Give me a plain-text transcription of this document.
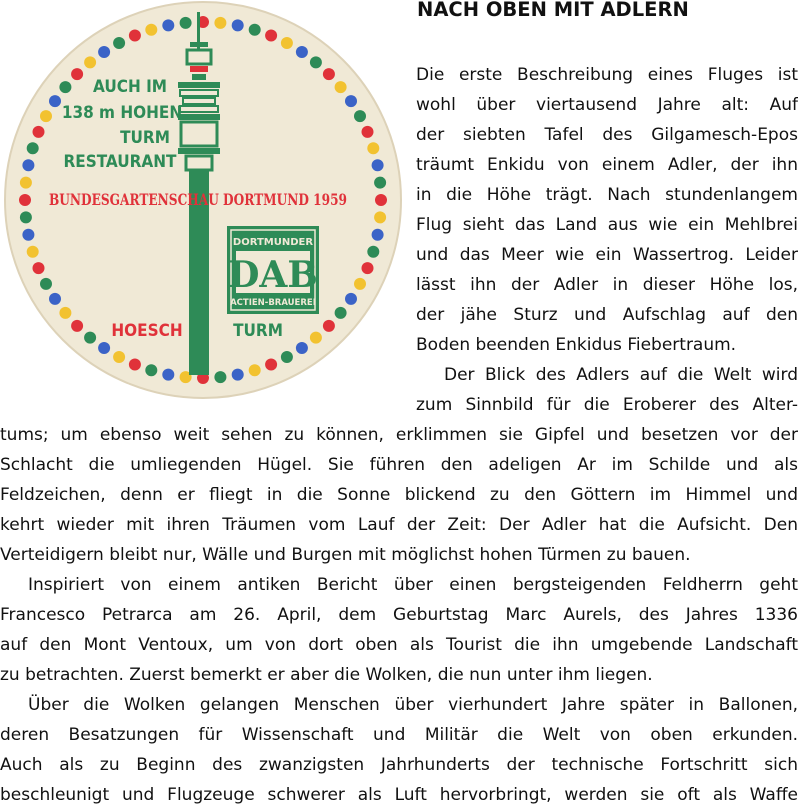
AUCH IM
138 m HOHEN
TURM
RESTAURANT
BUNDESGARTENSCHAU DORTMUND 1959
DORTMUNDER
DAB
ACTIEN-BRAUEREI
HOESCH	TURM
NACH OBEN MIT ADLERN
Die erste Beschreibung eines Fluges ist
wohl über viertausend Jahre alt: Auf
der siebten Tafel des Gilgamesch-Epos
träumt Enkidu von einem Adler, der ihn
in die Höhe trägt. Nach stundenlangem
Flug sieht das Land aus wie ein Mehlbrei
und das Meer wie ein Wassertrog. Leider
lässt ihn der Adler in dieser Höhe los,
der jähe Sturz und Aufschlag auf den
Boden beenden Enkidus Fiebertraum.
Der Blick des Adlers auf die Welt wird
zum Sinnbild für die Eroberer des Alter-
tums; um ebenso weit sehen zu können, erklimmen sie Gipfel und besetzen vor der
Schlacht die umliegenden Hügel. Sie führen den adeligen Ar im Schilde und als
Feldzeichen, denn er fliegt in die Sonne blickend zu den Göttern im Himmel und
kehrt wieder mit ihren Träumen vom Lauf der Zeit: Der Adler hat die Aufsicht. Den
Verteidigern bleibt nur, Wälle und Burgen mit möglichst hohen Türmen zu bauen.
Inspiriert von einem antiken Bericht über einen bergsteigenden Feldherrn geht
Francesco Petrarca am 26. April, dem Geburtstag Marc Aurels, des Jahres 1336
auf den Mont Ventoux, um von dort oben als Tourist die ihn umgebende Landschaft
zu betrachten. Zuerst bemerkt er aber die Wolken, die nun unter ihm liegen.
Über die Wolken gelangen Menschen über vierhundert Jahre später in Ballonen,
deren Besatzungen für Wissenschaft und Militär die Welt von oben erkunden.
Auch als zu Beginn des zwanzigsten Jahrhunderts der technische Fortschritt sich
beschleunigt und Flugzeuge schwerer als Luft hervorbringt, werden sie oft als Waffe
